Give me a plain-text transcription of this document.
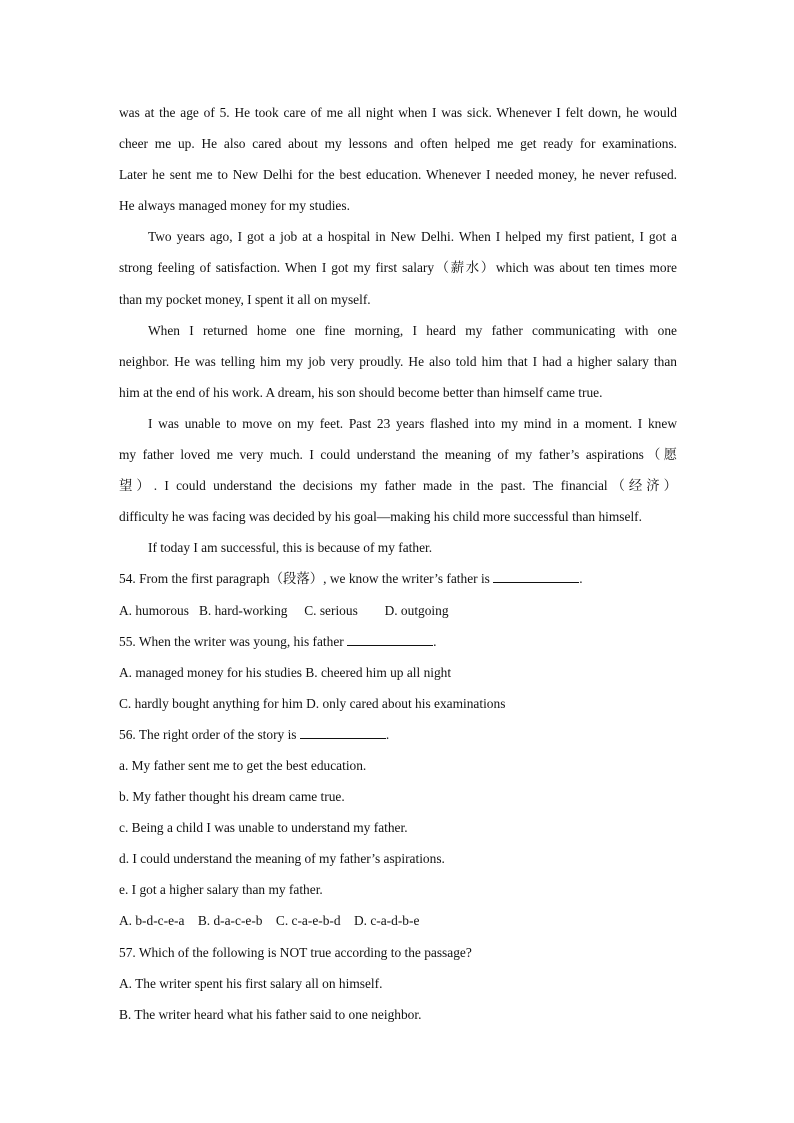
was at the age of 5. He took care of me all night when I was sick. Whenever I felt down, he would

cheer me up. He also cared about my lessons and often helped me get ready for examinations.

Later he sent me to New Delhi for the best education. Whenever I needed money, he never refused.

He always managed money for my studies.

Two years ago, I got a job at a hospital in New Delhi. When I helped my first patient, I got a

strong feeling of satisfaction. When I got my first salary（薪水）which was about ten times more

than my pocket money, I spent it all on myself.

When I returned home one fine morning, I heard my father communicating with one

neighbor. He was telling him my job very proudly. He also told him that I had a higher salary than

him at the end of his work. A dream, his son should become better than himself came true.

I was unable to move on my feet. Past 23 years flashed into my mind in a moment. I knew

my father loved me very much. I could understand the meaning of my father’s aspirations（愿

望）. I could understand the decisions my father made in the past. The financial（经济）

difficulty he was facing was decided by his goal—making his child more successful than himself.

If today I am successful, this is because of my father.

54. From the first paragraph（段落）, we know the writer’s father is	.
A. humorous   B. hard-working     C. serious        D. outgoing
55. When the writer was young, his father	.
A. managed money for his studies B. cheered him up all night
C. hardly bought anything for him D. only cared about his examinations
56. The right order of the story is	.
a. My father sent me to get the best education.
b. My father thought his dream came true.
c. Being a child I was unable to understand my father.
d. I could understand the meaning of my father’s aspirations.
e. I got a higher salary than my father.
A. b-d-c-e-a    B. d-a-c-e-b    C. c-a-e-b-d    D. c-a-d-b-e
57. Which of the following is NOT true according to the passage?
A. The writer spent his first salary all on himself.
B. The writer heard what his father said to one neighbor.
